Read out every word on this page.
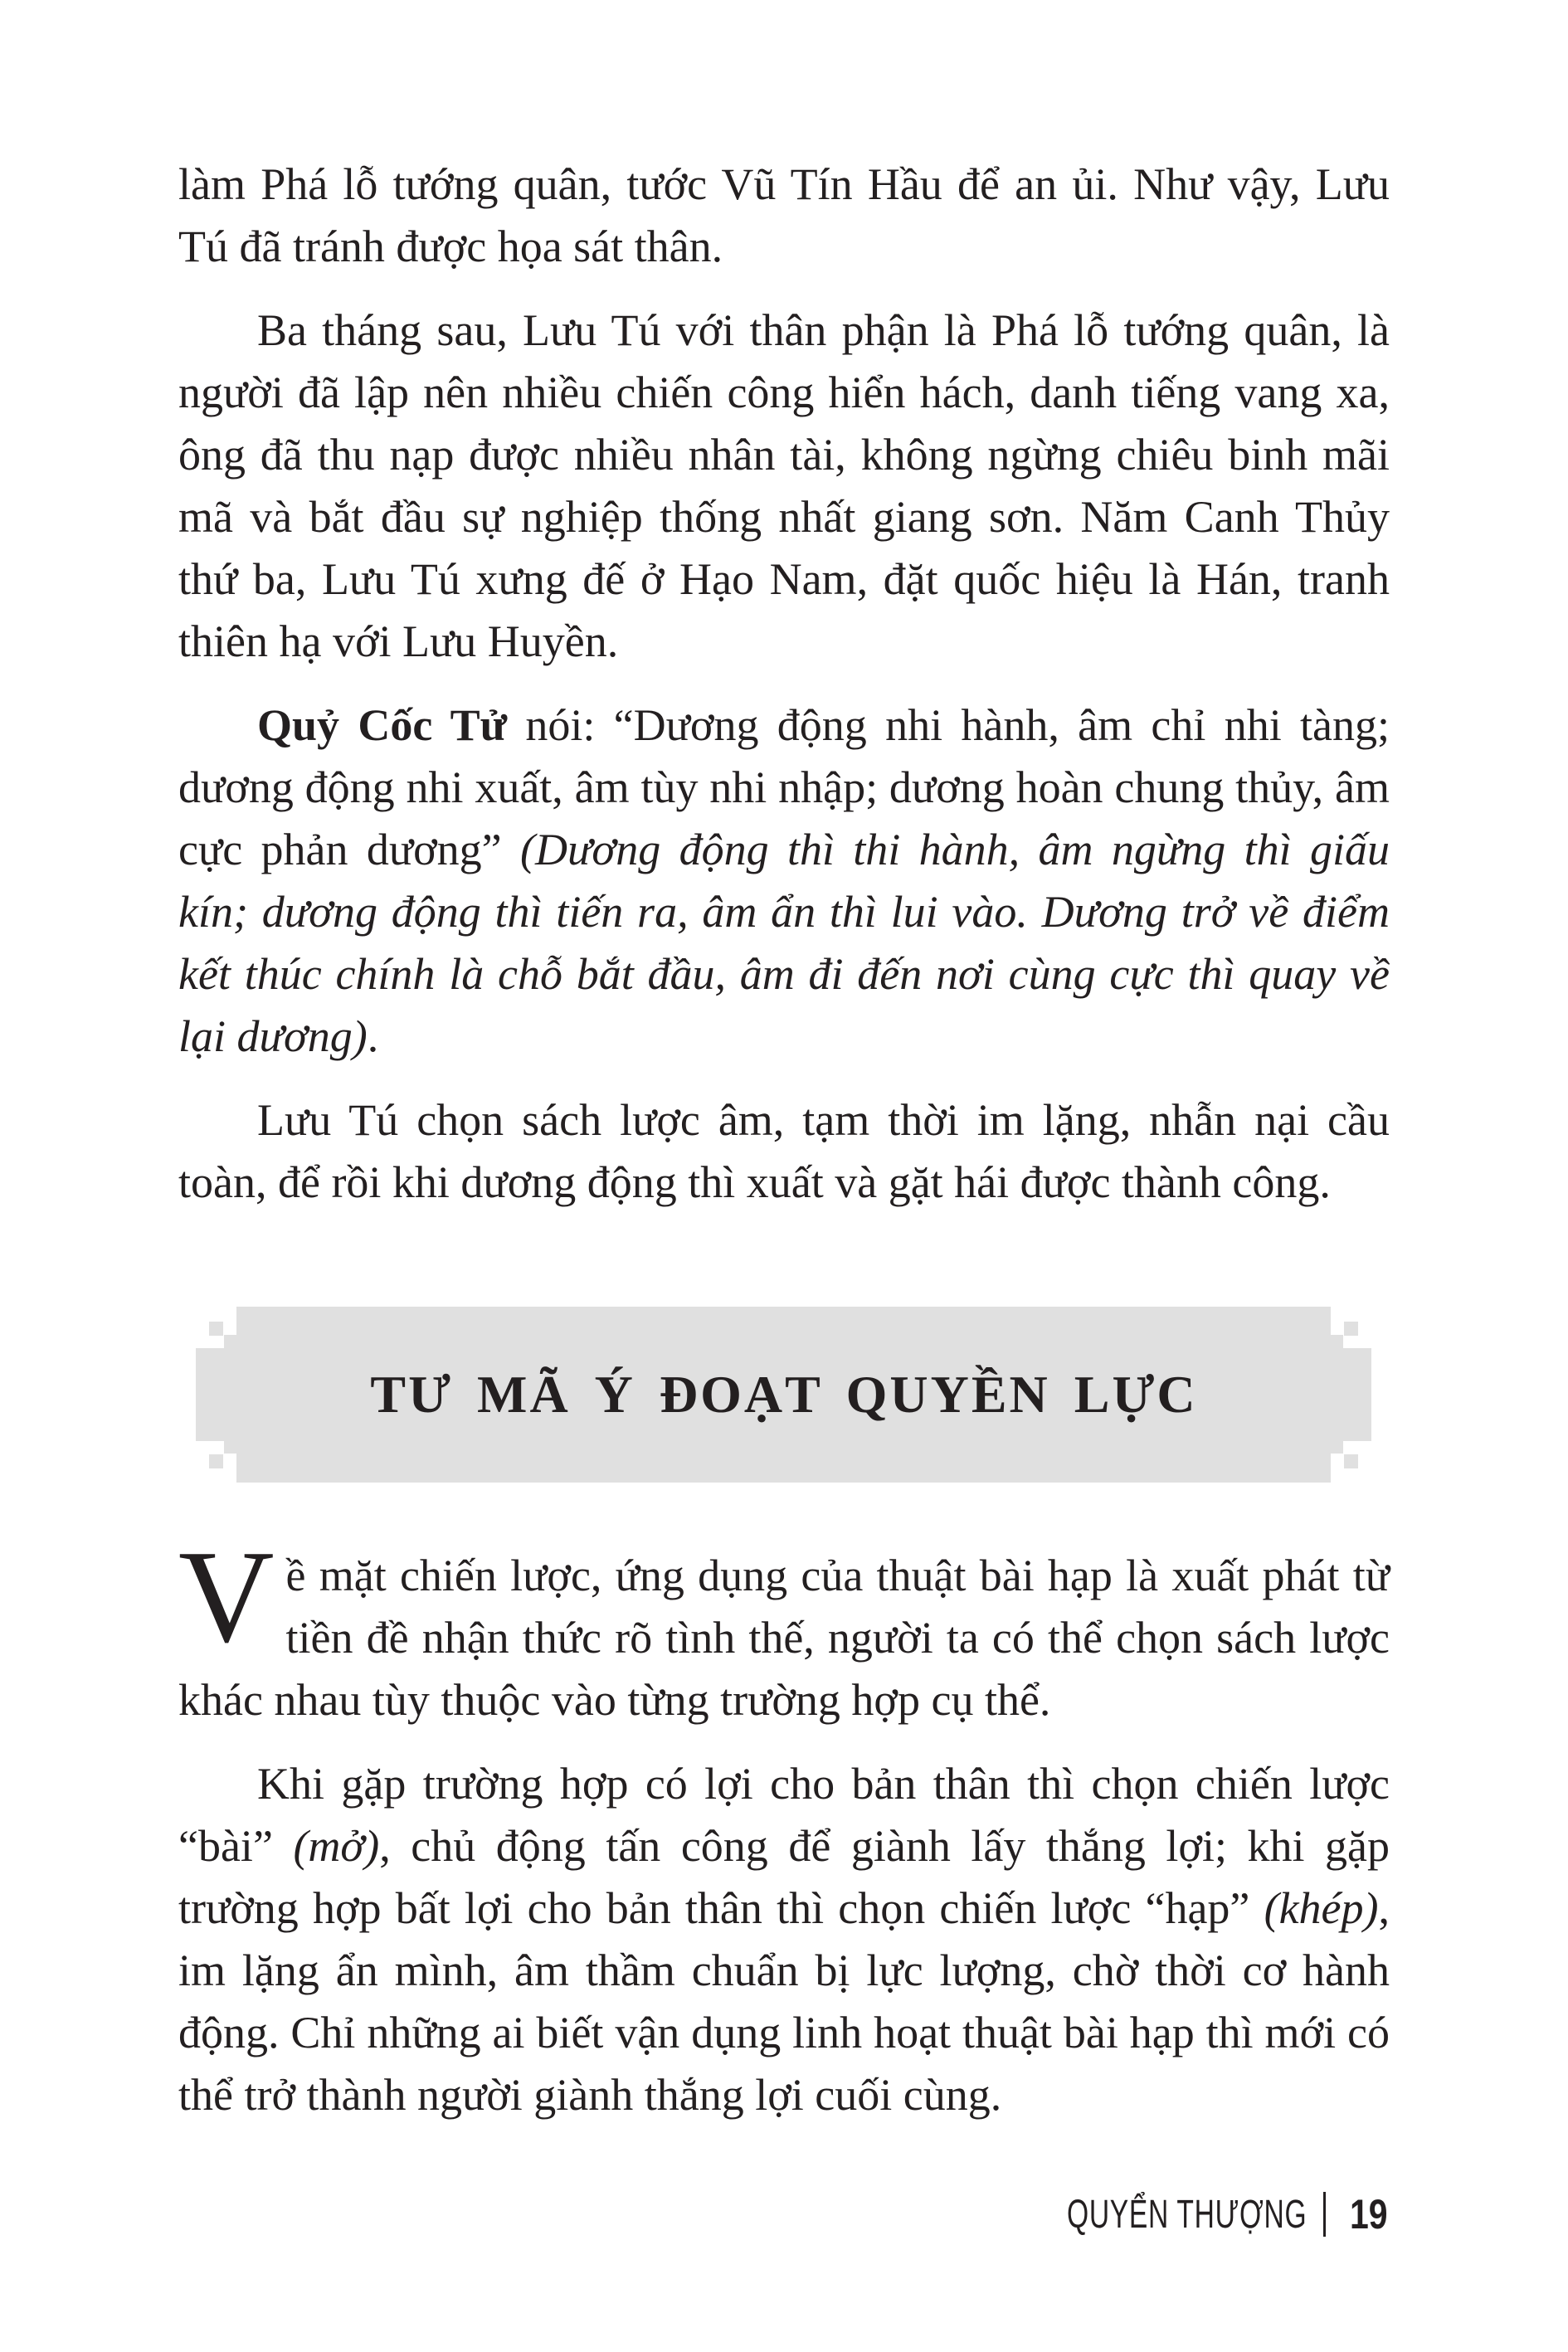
làm Phá lỗ tướng quân, tước Vũ Tín Hầu để an ủi. Như vậy, Lưu Tú đã tránh được họa sát thân.

Ba tháng sau, Lưu Tú với thân phận là Phá lỗ tướng quân, là người đã lập nên nhiều chiến công hiển hách, danh tiếng vang xa, ông đã thu nạp được nhiều nhân tài, không ngừng chiêu binh mãi mã và bắt đầu sự nghiệp thống nhất giang sơn. Năm Canh Thủy thứ ba, Lưu Tú xưng đế ở Hạo Nam, đặt quốc hiệu là Hán, tranh thiên hạ với Lưu Huyền.

Quỷ Cốc Tử nói: “Dương động nhi hành, âm chỉ nhi tàng; dương động nhi xuất, âm tùy nhi nhập; dương hoàn chung thủy, âm cực phản dương” (Dương động thì thi hành, âm ngừng thì giấu kín; dương động thì tiến ra, âm ẩn thì lui vào. Dương trở về điểm kết thúc chính là chỗ bắt đầu, âm đi đến nơi cùng cực thì quay về lại dương).

Lưu Tú chọn sách lược âm, tạm thời im lặng, nhẫn nại cầu toàn, để rồi khi dương động thì xuất và gặt hái được thành công.

TƯ MÃ Ý ĐOẠT QUYỀN LỰC

Về mặt chiến lược, ứng dụng của thuật bài hạp là xuất phát từ tiền đề nhận thức rõ tình thế, người ta có thể chọn sách lược khác nhau tùy thuộc vào từng trường hợp cụ thể.

Khi gặp trường hợp có lợi cho bản thân thì chọn chiến lược “bài” (mở), chủ động tấn công để giành lấy thắng lợi; khi gặp trường hợp bất lợi cho bản thân thì chọn chiến lược “hạp” (khép), im lặng ẩn mình, âm thầm chuẩn bị lực lượng, chờ thời cơ hành động. Chỉ những ai biết vận dụng linh hoạt thuật bài hạp thì mới có thể trở thành người giành thắng lợi cuối cùng.

QUYỂN THƯỢNG 19
